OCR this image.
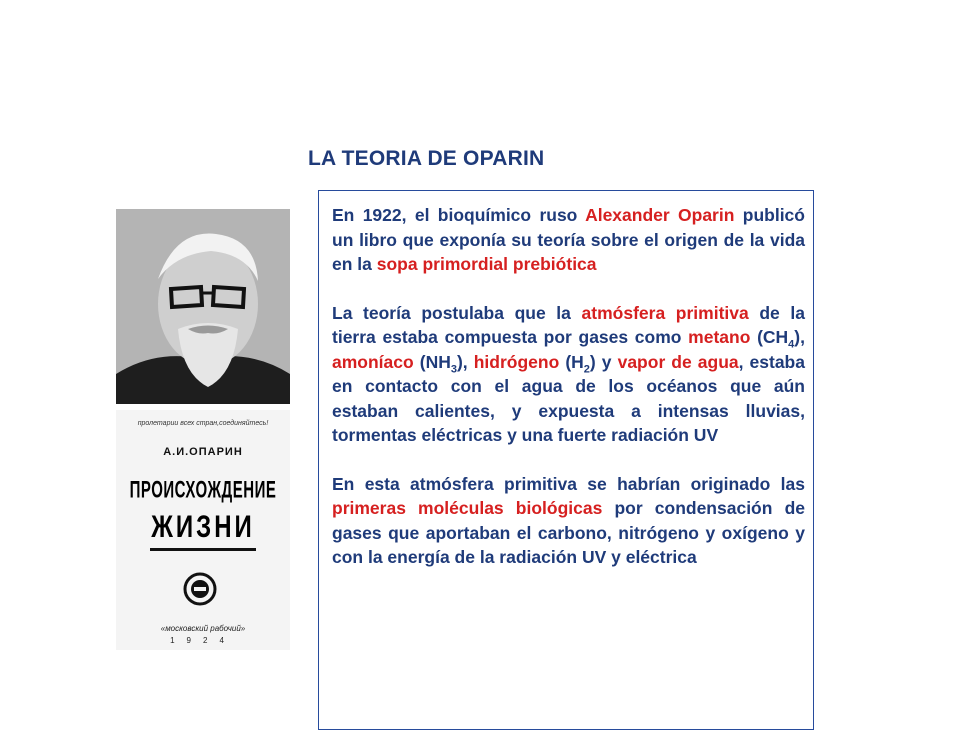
LA TEORIA DE OPARIN
пролетарии всех стран,соединяйтесь!
А.И.ОПАРИН
ПРОИСХОЖДЕНИЕ
ЖИЗНИ
«московский рабочий»
1924

En 1922, el bioquímico ruso Alexander Oparin publicó un libro que exponía su teoría sobre el origen de la vida en la sopa primordial prebiótica

La teoría postulaba que la atmósfera primitiva de la tierra estaba compuesta por gases como metano $(CH_4)$, amoníaco $(NH_3)$, hidrógeno $(H_2)$ y vapor de agua, estaba en contacto con el agua de los océanos que aún estaban calientes, y expuesta a intensas lluvias, tormentas eléctricas y una fuerte radiación UV

En esta atmósfera primitiva se habrían originado las primeras moléculas biológicas por condensación de gases que aportaban el carbono, nitrógeno y oxígeno y con la energía de la radiación UV y eléctrica
